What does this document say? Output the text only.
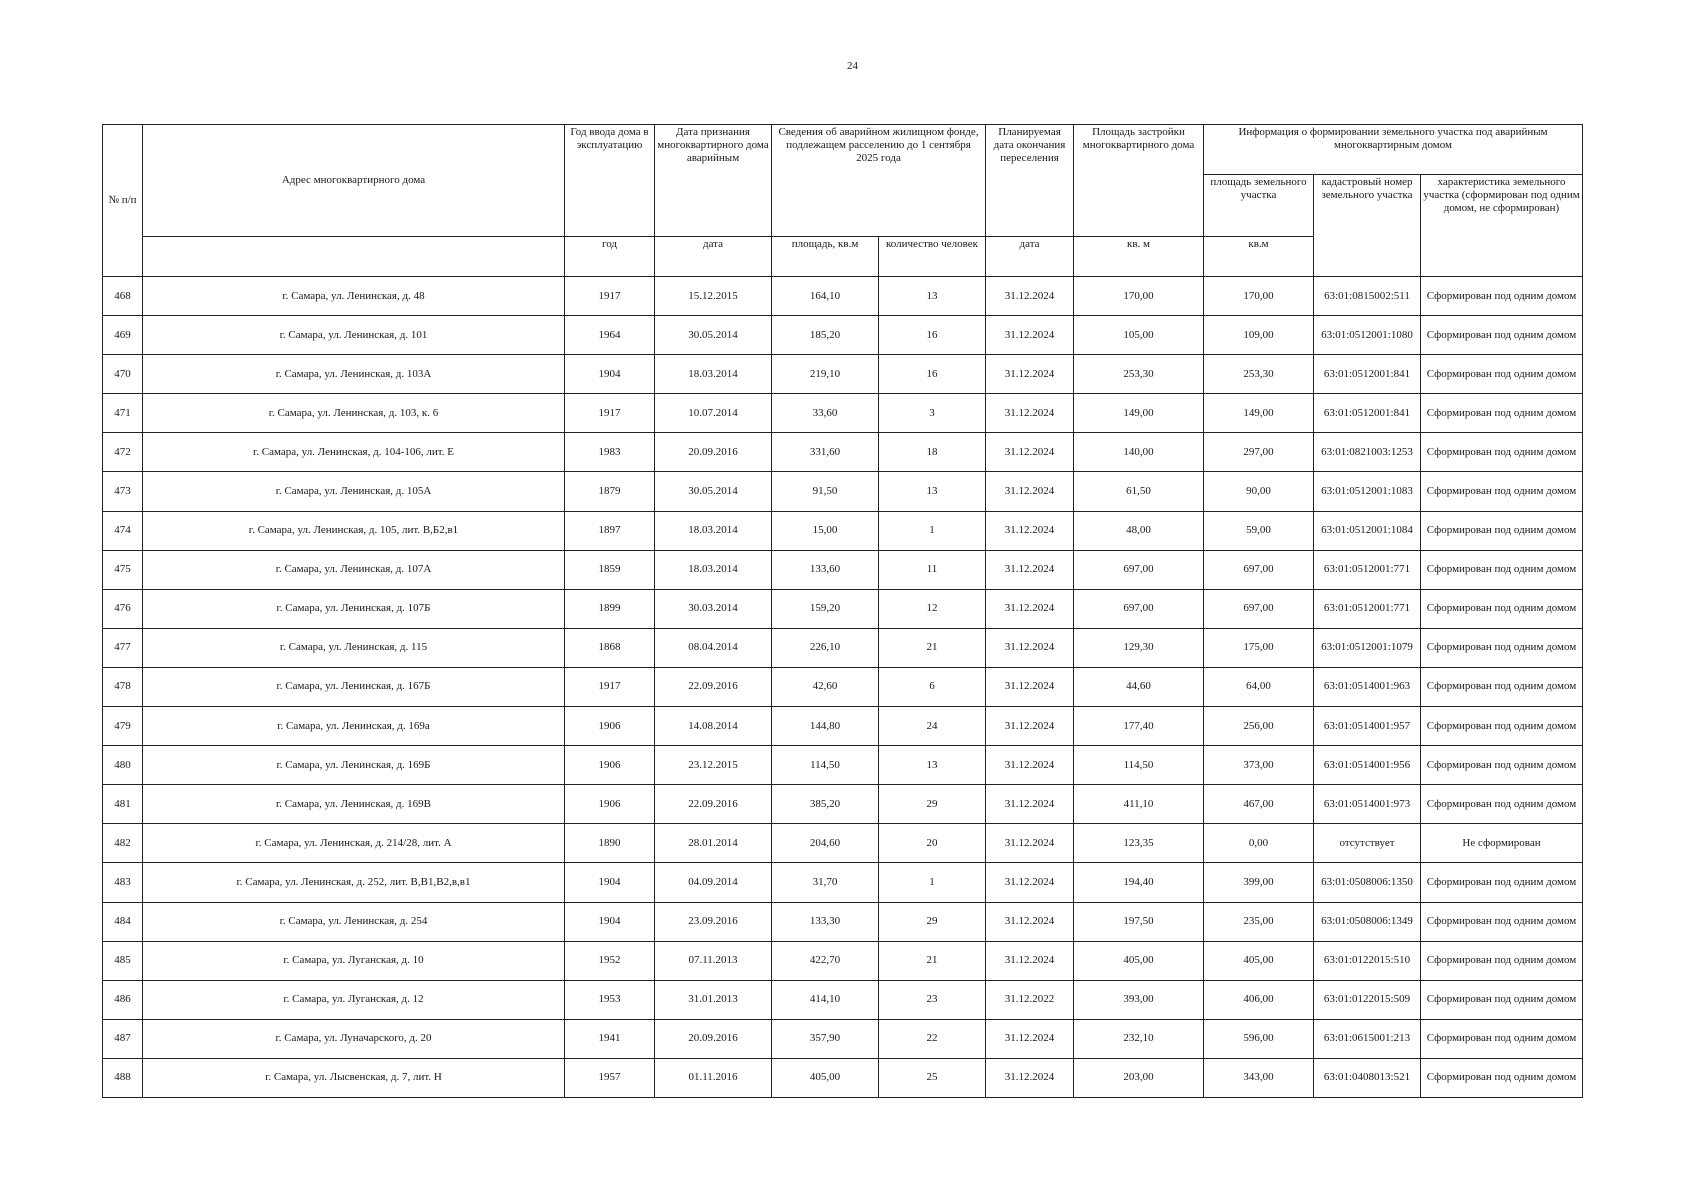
24
№ п/п	Адрес многоквартирного дома	Год ввода дома в эксплуатацию	Дата признания многоквартирного дома аварийным	Сведения об аварийном жилищном фонде, подлежащем расселению до 1 сентября 2025 года		Планируемая дата окончания переселения	Площадь застройки многоквартирного дома	Информация о формировании земельного участка под аварийным многоквартирным домом		
								площадь земельного участка	кадастровый номер земельного участка	характеристика земельного участка (сформирован под одним домом, не сформирован)
		год	дата	площадь, кв.м	количество человек	дата	кв. м	кв.м		
468	г. Самара, ул. Ленинская, д. 48	1917	15.12.2015	164,10	13	31.12.2024	170,00	170,00	63:01:0815002:511	Сформирован под одним домом
469	г. Самара, ул. Ленинская, д. 101	1964	30.05.2014	185,20	16	31.12.2024	105,00	109,00	63:01:0512001:1080	Сформирован под одним домом
470	г. Самара, ул. Ленинская, д. 103А	1904	18.03.2014	219,10	16	31.12.2024	253,30	253,30	63:01:0512001:841	Сформирован под одним домом
471	г. Самара, ул. Ленинская, д. 103, к. 6	1917	10.07.2014	33,60	3	31.12.2024	149,00	149,00	63:01:0512001:841	Сформирован под одним домом
472	г. Самара, ул. Ленинская, д. 104-106, лит. Е	1983	20.09.2016	331,60	18	31.12.2024	140,00	297,00	63:01:0821003:1253	Сформирован под одним домом
473	г. Самара, ул. Ленинская, д. 105А	1879	30.05.2014	91,50	13	31.12.2024	61,50	90,00	63:01:0512001:1083	Сформирован под одним домом
474	г. Самара, ул. Ленинская, д. 105, лит. В,Б2,в1	1897	18.03.2014	15,00	1	31.12.2024	48,00	59,00	63:01:0512001:1084	Сформирован под одним домом
475	г. Самара, ул. Ленинская, д. 107А	1859	18.03.2014	133,60	11	31.12.2024	697,00	697,00	63:01:0512001:771	Сформирован под одним домом
476	г. Самара, ул. Ленинская, д. 107Б	1899	30.03.2014	159,20	12	31.12.2024	697,00	697,00	63:01:0512001:771	Сформирован под одним домом
477	г. Самара, ул. Ленинская, д. 115	1868	08.04.2014	226,10	21	31.12.2024	129,30	175,00	63:01:0512001:1079	Сформирован под одним домом
478	г. Самара, ул. Ленинская, д. 167Б	1917	22.09.2016	42,60	6	31.12.2024	44,60	64,00	63:01:0514001:963	Сформирован под одним домом
479	г. Самара, ул. Ленинская, д. 169а	1906	14.08.2014	144,80	24	31.12.2024	177,40	256,00	63:01:0514001:957	Сформирован под одним домом
480	г. Самара, ул. Ленинская, д. 169Б	1906	23.12.2015	114,50	13	31.12.2024	114,50	373,00	63:01:0514001:956	Сформирован под одним домом
481	г. Самара, ул. Ленинская, д. 169В	1906	22.09.2016	385,20	29	31.12.2024	411,10	467,00	63:01:0514001:973	Сформирован под одним домом
482	г. Самара, ул. Ленинская, д. 214/28, лит. А	1890	28.01.2014	204,60	20	31.12.2024	123,35	0,00	отсутствует	Не сформирован
483	г. Самара, ул. Ленинская, д. 252, лит. В,В1,В2,в,в1	1904	04.09.2014	31,70	1	31.12.2024	194,40	399,00	63:01:0508006:1350	Сформирован под одним домом
484	г. Самара, ул. Ленинская, д. 254	1904	23.09.2016	133,30	29	31.12.2024	197,50	235,00	63:01:0508006:1349	Сформирован под одним домом
485	г. Самара, ул. Луганская, д. 10	1952	07.11.2013	422,70	21	31.12.2024	405,00	405,00	63:01:0122015:510	Сформирован под одним домом
486	г. Самара, ул. Луганская, д. 12	1953	31.01.2013	414,10	23	31.12.2022	393,00	406,00	63:01:0122015:509	Сформирован под одним домом
487	г. Самара, ул. Луначарского, д. 20	1941	20.09.2016	357,90	22	31.12.2024	232,10	596,00	63:01:0615001:213	Сформирован под одним домом
488	г. Самара, ул. Лысвенская, д. 7, лит. Н	1957	01.11.2016	405,00	25	31.12.2024	203,00	343,00	63:01:0408013:521	Сформирован под одним домом
